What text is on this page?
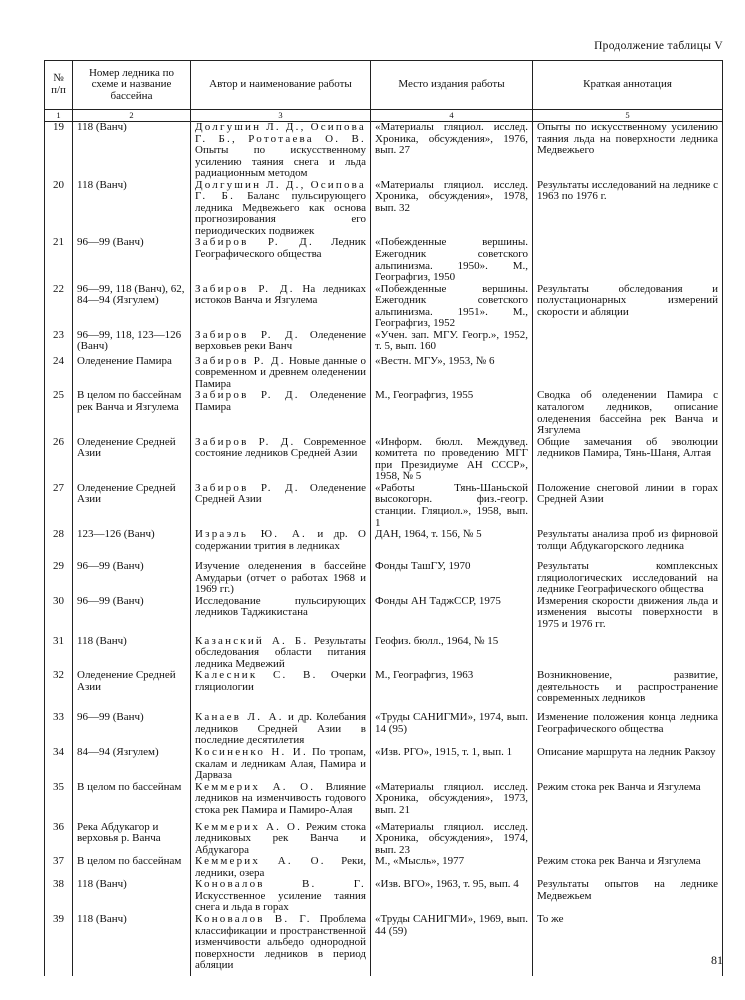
Продолжение таблицы V
№ п/п	Номер ледника по схеме и название бассейна	Автор и наименование работы	Место издания работы	Краткая аннотация
1	2	3	4	5
19	118 (Ванч)	Долгушин Л. Д., Осипова Г. Б., Рототаева О. В. Опыты по искусственному усилению таяния снега и льда радиационным методом	«Материалы гляциол. исслед. Хроника, обсуждения», 1976, вып. 27	Опыты по искусственному усилению таяния льда на поверхности ледника Медвежьего
20	118 (Ванч)	Долгушин Л. Д., Осипова Г. Б. Баланс пульсирующего ледника Медвежьего как основа прогнозирования его периодических подвижек	«Материалы гляциол. исслед. Хроника, обсуждения», 1978, вып. 32	Результаты исследований на леднике с 1963 по 1976 г.
21	96—99 (Ванч)	Забиров Р. Д. Ледник Географического общества	«Побежденные вершины. Ежегодник советского альпинизма. 1950». М., Географгиз, 1950	
22	96—99, 118 (Ванч), 62, 84—94 (Язгулем)	Забиров Р. Д. На ледниках истоков Ванча и Язгулема	«Побежденные вершины. Ежегодник советского альпинизма. 1951». М., Географгиз, 1952	Результаты обследования и полустационарных измерений скорости и абляции
23	96—99, 118, 123—126 (Ванч)	Забиров Р. Д. Оледенение верховьев реки Ванч	«Учен. зап. МГУ. Геогр.», 1952, т. 5, вып. 160	
24	Оледенение Памира	Забиров Р. Д. Новые данные о современном и древнем оледенении Памира	«Вестн. МГУ», 1953, № 6	
25	В целом по бассейнам рек Ванча и Язгулема	Забиров Р. Д. Оледенение Памира	М., Географгиз, 1955	Сводка об оледенении Памира с каталогом ледников, описание оледенения бассейна рек Ванча и Язгулема
26	Оледенение Средней Азии	Забиров Р. Д. Современное состояние ледников Средней Азии	«Информ. бюлл. Междувед. комитета по проведению МГГ при Президиуме АН СССР», 1958, № 5	Общие замечания об эволюции ледников Памира, Тянь-Шаня, Алтая
27	Оледенение Средней Азии	Забиров Р. Д. Оледенение Средней Азии	«Работы Тянь-Шаньской высокогорн. физ.-геогр. станции. Гляциол.», 1958, вып. 1	Положение снеговой линии в горах Средней Азии
28	123—126 (Ванч)	Израэль Ю. А. и др. О содержании трития в ледниках	ДАН, 1964, т. 156, № 5	Результаты анализа проб из фирновой толщи Абдукагорского ледника
29	96—99 (Ванч)	Изучение оледенения в бассейне Амударьи (отчет о работах 1968 и 1969 гг.)	Фонды ТашГУ, 1970	Результаты комплексных гляциологических исследований на леднике Географического общества
30	96—99 (Ванч)	Исследование пульсирующих ледников Таджикистана	Фонды АН ТаджССР, 1975	Измерения скорости движения льда и изменения высоты поверхности в 1975 и 1976 гг.
31	118 (Ванч)	Казанский А. Б. Результаты обследования области питания ледника Медвежий	Геофиз. бюлл., 1964, № 15	
32	Оледенение Средней Азии	Калесник С. В. Очерки гляциологии	М., Географгиз, 1963	Возникновение, развитие, деятельность и распространение современных ледников
33	96—99 (Ванч)	Канаев Л. А. и др. Колебания ледников Средней Азии в последние десятилетия	«Труды САНИГМИ», 1974, вып. 14 (95)	Изменение положения конца ледника Географического общества
34	84—94 (Язгулем)	Косиненко Н. И. По тропам, скалам и ледникам Алая, Памира и Дарваза	«Изв. РГО», 1915, т. 1, вып. 1	Описание маршрута на ледник Ракзоу
35	В целом по бассейнам	Кеммерих А. О. Влияние ледников на изменчивость годового стока рек Памира и Памиро-Алая	«Материалы гляциол. исслед. Хроника, обсуждения», 1973, вып. 21	Режим стока рек Ванча и Язгулема
36	Река Абдукагор и верховья р. Ванча	Кеммерих А. О. Режим стока ледниковых рек Ванча и Абдукагора	«Материалы гляциол. исслед. Хроника, обсуждения», 1974, вып. 23	
37	В целом по бассейнам	Кеммерих А. О. Реки, ледники, озера	М., «Мысль», 1977	Режим стока рек Ванча и Язгулема
38	118 (Ванч)	Коновалов В. Г. Искусственное усиление таяния снега и льда в горах	«Изв. ВГО», 1963, т. 95, вып. 4	Результаты опытов на леднике Медвежьем
39	118 (Ванч)	Коновалов В. Г. Проблема классификации и пространственной изменчивости альбедо однородной поверхности ледников в период абляции	«Труды САНИГМИ», 1969, вып. 44 (59)	То же
81
